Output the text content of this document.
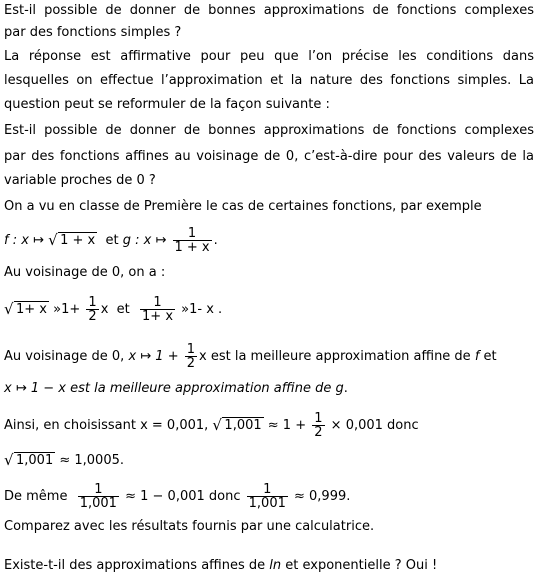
Est-il possible de donner de bonnes approximations de fonctions complexes
par des fonctions simples ?
La réponse est affirmative pour peu que l’on précise les conditions dans
lesquelles on effectue l’approximation et la nature des fonctions simples. La
question peut se reformuler de la façon suivante :
Est-il possible de donner de bonnes approximations de fonctions complexes
par des fonctions affines au voisinage de 0, c’est-à-dire pour des valeurs de la
variable proches de 0 ?
On a vu en classe de Première le cas de certaines fonctions, par exemple
f : x ↦ √ 1 + x et g : x ↦ $\frac{1}{1 + x}$ .
Au voisinage de 0, on a :
√ 1+ x »1+ $\frac{1}{2}$ x et $\frac{1}{1+ x}$ »1- x .
Au voisinage de 0, x ↦ $1 + \frac{1}{2}$ x est la meilleure approximation affine de f et
x ↦ 1 − x est la meilleure approximation affine de g.
Ainsi, en choisissant x = 0,001, √ $1,001 \approx 1 + \frac{1}{2} \times 0,001$ donc
√ 1,001 ≈ 1,0005.
De même $\frac{1}{1,001} \approx 1 - 0,001$ donc $\frac{1}{1,001} \approx 0,999$.
Comparez avec les résultats fournis par une calculatrice.
Existe-t-il des approximations affines de ln et exponentielle ? Oui !
